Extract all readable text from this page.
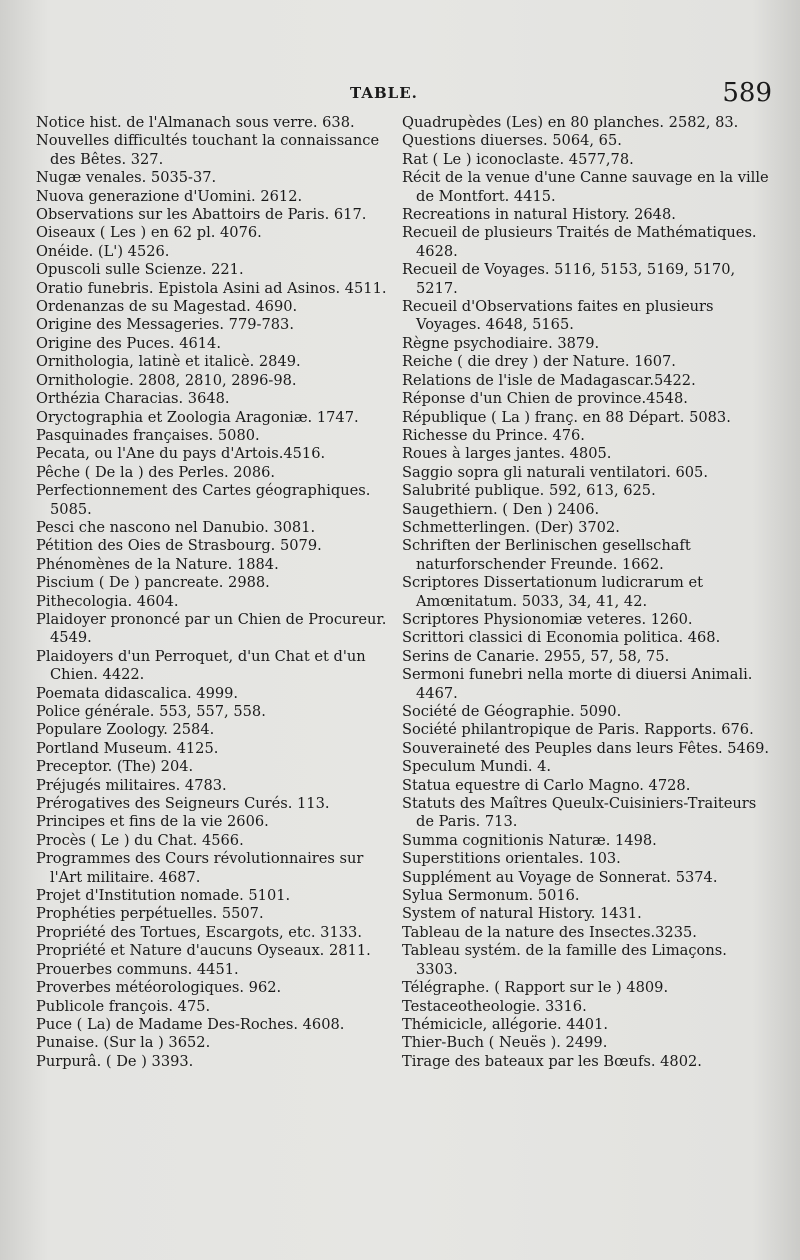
TABLE.	589

Notice hist. de l'Almanach sous verre. 638.

Nouvelles difficultés touchant la connaissance des Bêtes. 327.

Nugæ venales. 5035-37.

Nuova generazione d'Uomini. 2612.

Observations sur les Abattoirs de Paris. 617.

Oiseaux ( Les ) en 62 pl. 4076.

Onéide. (L') 4526.

Opuscoli sulle Scienze. 221.

Oratio funebris. Epistola Asini ad Asinos. 4511.

Ordenanzas de su Magestad. 4690.

Origine des Messageries. 779-783.

Origine des Puces. 4614.

Ornithologia, latinè et italicè. 2849.

Ornithologie. 2808, 2810, 2896-98.

Orthézia Characias. 3648.

Oryctographia et Zoologia Aragoniæ. 1747.

Pasquinades françaises. 5080.

Pecata, ou l'Ane du pays d'Artois.4516.

Pêche ( De la ) des Perles. 2086.

Perfectionnement des Cartes géographiques. 5085.

Pesci che nascono nel Danubio. 3081.

Pétition des Oies de Strasbourg. 5079.

Phénomènes de la Nature. 1884.

Piscium ( De ) pancreate. 2988.

Pithecologia. 4604.

Plaidoyer prononcé par un Chien de Procureur. 4549.

Plaidoyers d'un Perroquet, d'un Chat et d'un Chien. 4422.

Poemata didascalica. 4999.

Police générale. 553, 557, 558.

Populare Zoology. 2584.

Portland Museum. 4125.

Preceptor. (The) 204.

Préjugés militaires. 4783.

Prérogatives des Seigneurs Curés. 113.

Principes et fins de la vie 2606.

Procès ( Le ) du Chat. 4566.

Programmes des Cours révolutionnaires sur l'Art militaire. 4687.

Projet d'Institution nomade. 5101.

Prophéties perpétuelles. 5507.

Propriété des Tortues, Escargots, etc. 3133.

Propriété et Nature d'aucuns Oyseaux. 2811.

Prouerbes communs. 4451.

Proverbes météorologiques. 962.

Publicole françois. 475.

Puce ( La) de Madame Des-Roches. 4608.

Punaise. (Sur la ) 3652.

Purpurâ. ( De ) 3393.

Quadrupèdes (Les) en 80 planches. 2582, 83.

Questions diuerses. 5064, 65.

Rat ( Le ) iconoclaste. 4577,78.

Récit de la venue d'une Canne sauvage en la ville de Montfort. 4415.

Recreations in natural History. 2648.

Recueil de plusieurs Traités de Mathématiques. 4628.

Recueil de Voyages. 5116, 5153, 5169, 5170, 5217.

Recueil d'Observations faites en plusieurs Voyages. 4648, 5165.

Règne psychodiaire. 3879.

Reiche ( die drey ) der Nature. 1607.

Relations de l'isle de Madagascar.5422.

Réponse d'un Chien de province.4548.

République ( La ) franç. en 88 Départ. 5083.

Richesse du Prince. 476.

Roues à larges jantes. 4805.

Saggio sopra gli naturali ventilatori. 605.

Salubrité publique. 592, 613, 625.

Saugethiern. ( Den ) 2406.

Schmetterlingen. (Der) 3702.

Schriften der Berlinischen gesellschaft naturforschender Freunde. 1662.

Scriptores Dissertationum ludicrarum et Amœnitatum. 5033, 34, 41, 42.

Scriptores Physionomiæ veteres. 1260.

Scrittori classici di Economia politica. 468.

Serins de Canarie. 2955, 57, 58, 75.

Sermoni funebri nella morte di diuersi Animali. 4467.

Société de Géographie. 5090.

Société philantropique de Paris. Rapports. 676.

Souveraineté des Peuples dans leurs Fêtes. 5469.

Speculum Mundi. 4.

Statua equestre di Carlo Magno. 4728.

Statuts des Maîtres Queulx-Cuisiniers-Traiteurs de Paris. 713.

Summa cognitionis Naturæ. 1498.

Superstitions orientales. 103.

Supplément au Voyage de Sonnerat. 5374.

Sylua Sermonum. 5016.

System of natural History. 1431.

Tableau de la nature des Insectes.3235.

Tableau systém. de la famille des Limaçons. 3303.

Télégraphe. ( Rapport sur le ) 4809.

Testaceotheologie. 3316.

Thémicicle, allégorie. 4401.

Thier-Buch ( Neuës ). 2499.

Tirage des bateaux par les Bœufs. 4802.
